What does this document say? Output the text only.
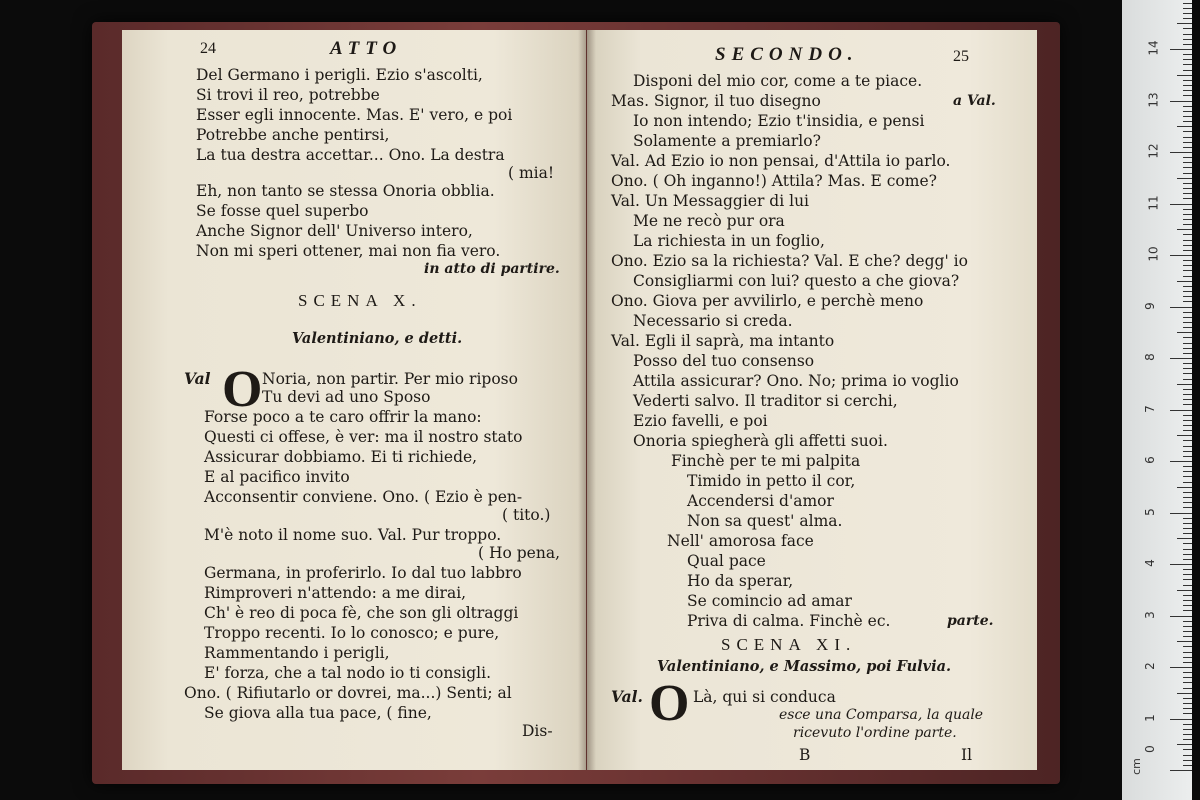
24	ATTO
Del Germano i perigli. Ezio s'ascolti,
Si trovi il reo, potrebbe
Esser egli innocente. Mas. E' vero, e poi
Potrebbe anche pentirsi,
La tua destra accettar... Ono. La destra
( mia!
Eh, non tanto se stessa Onoria obblia.
Se fosse quel superbo
Anche Signor dell' Universo intero,
Non mi speri ottener, mai non fia vero.
in atto di partire.
SCENA X.
Valentiniano, e detti.
Val O Noria, non partir. Per mio riposo
Tu devi ad uno Sposo
Forse poco a te caro offrir la mano:
Questi ci offese, è ver: ma il nostro stato
Assicurar dobbiamo. Ei ti richiede,
E al pacifico invito
Acconsentir conviene. Ono. ( Ezio è pen-
( tito.)
M'è noto il nome suo. Val. Pur troppo.
( Ho pena,
Germana, in proferirlo. Io dal tuo labbro
Rimproveri n'attendo: a me dirai,
Ch' è reo di poca fè, che son gli oltraggi
Troppo recenti. Io lo conosco; e pure,
Rammentando i perigli,
E' forza, che a tal nodo io ti consigli.
Ono. ( Rifiutarlo or dovrei, ma...) Senti; al
Se giova alla tua pace, ( fine,
Dis-
SECONDO.	25
Disponi del mio cor, come a te piace.
Mas. Signor, il tuo disegno	a Val.
Io non intendo; Ezio t'insidia, e pensi
Solamente a premiarlo?
Val. Ad Ezio io non pensai, d'Attila io parlo.
Ono. ( Oh inganno!) Attila? Mas. E come?
Val. Un Messaggier di lui
Me ne recò pur ora
La richiesta in un foglio,
Ono. Ezio sa la richiesta? Val. E che? degg' io
Consigliarmi con lui? questo a che giova?
Ono. Giova per avvilirlo, e perchè meno
Necessario si creda.
Val. Egli il saprà, ma intanto
Posso del tuo consenso
Attila assicurar? Ono. No; prima io voglio
Vederti salvo. Il traditor si cerchi,
Ezio favelli, e poi
Onoria spiegherà gli affetti suoi.
Finchè per te mi palpita
Timido in petto il cor,
Accendersi d'amor
Non sa quest' alma.
Nell' amorosa face
Qual pace
Ho da sperar,
Se comincio ad amar
Priva di calma. Finchè ec.	parte.
SCENA XI.
Valentiniano, e Massimo, poi Fulvia.
Val. O Là, qui si conduca
esce una Comparsa, la quale
ricevuto l'ordine parte.
B	Il
1
2
3
4
5
6
7
8
9
10
11
12
13
14
0
cm
